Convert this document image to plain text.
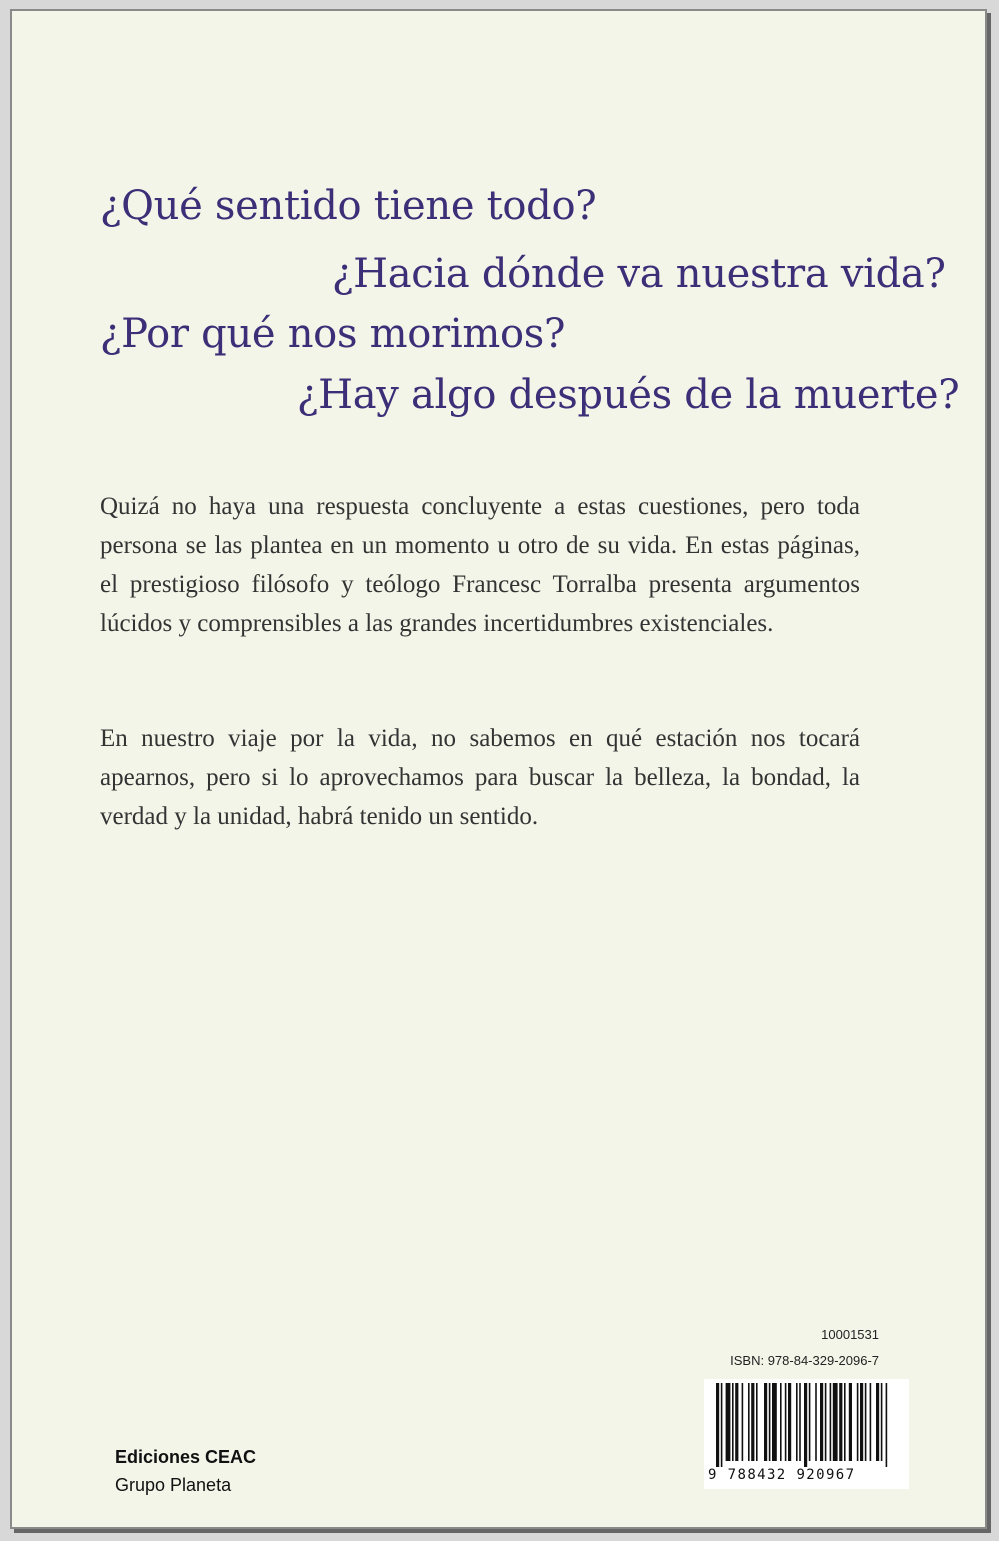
¿Qué sentido tiene todo?
¿Hacia dónde va nuestra vida?
¿Por qué nos morimos?
¿Hay algo después de la muerte?

Quizá no haya una respuesta concluyente a estas cuestiones, pero toda persona se las plantea en un momento u otro de su vida. En estas páginas, el prestigioso filósofo y teólogo Francesc Torralba presenta argumentos lúcidos y comprensibles a las grandes incertidumbres existenciales.

En nuestro viaje por la vida, no sabemos en qué estación nos tocará apearnos, pero si lo aprovechamos para buscar la belleza, la bondad, la verdad y la unidad, habrá tenido un sentido.

10001531
ISBN: 978-84-329-2096-7
9 788432 920967
Ediciones CEAC
Grupo Planeta
